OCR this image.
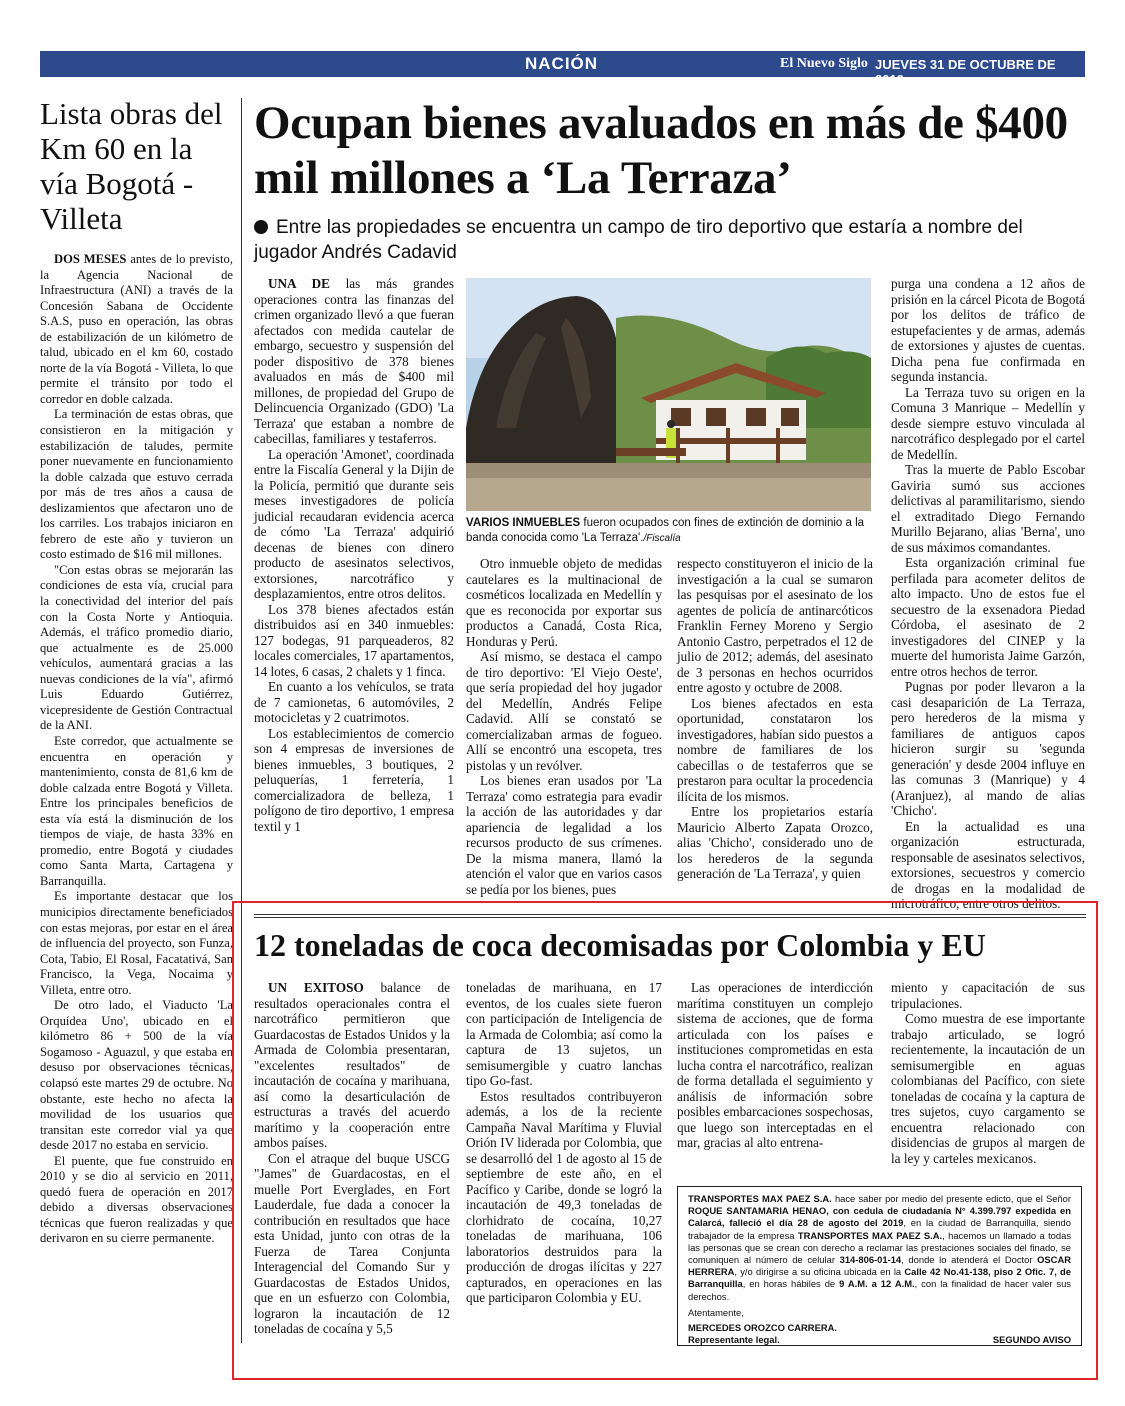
NACIÓN	El Nuevo Siglo JUEVES 31 DE OCTUBRE DE 2019
9B
Lista obras del Km 60 en la vía Bogotá - Villeta

DOS MESES antes de lo previsto, la Agencia Nacional de Infraestructura (ANI) a través de la Concesión Sabana de Occidente S.A.S, puso en operación, las obras de estabilización de un kilómetro de talud, ubicado en el km 60, costado norte de la vía Bogotá - Villeta, lo que permite el tránsito por todo el corredor en doble calzada.

La terminación de estas obras, que consistieron en la mitigación y estabilización de taludes, permite poner nuevamente en funcionamiento la doble calzada que estuvo cerrada por más de tres años a causa de deslizamientos que afectaron uno de los carriles. Los trabajos iniciaron en febrero de este año y tuvieron un costo estimado de $16 mil millones.

"Con estas obras se mejorarán las condiciones de esta vía, crucial para la conectividad del interior del país con la Costa Norte y Antioquia. Además, el tráfico promedio diario, que actualmente es de 25.000 vehículos, aumentará gracias a las nuevas condiciones de la vía", afirmó Luis Eduardo Gutiérrez, vicepresidente de Gestión Contractual de la ANI.

Este corredor, que actualmente se encuentra en operación y mantenimiento, consta de 81,6 km de doble calzada entre Bogotá y Villeta. Entre los principales beneficios de esta vía está la disminución de los tiempos de viaje, de hasta 33% en promedio, entre Bogotá y ciudades como Santa Marta, Cartagena y Barranquilla.

Es importante destacar que los municipios directamente beneficiados con estas mejoras, por estar en el área de influencia del proyecto, son Funza, Cota, Tabio, El Rosal, Facatativá, San Francisco, la Vega, Nocaima y Villeta, entre otro.

De otro lado, el Viaducto 'La Orquídea Uno', ubicado en el kilómetro 86 + 500 de la vía Sogamoso - Aguazul, y que estaba en desuso por observaciones técnicas, colapsó este martes 29 de octubre. No obstante, este hecho no afecta la movilidad de los usuarios que transitan este corredor vial ya que desde 2017 no estaba en servicio.

El puente, que fue construido en 2010 y se dio al servicio en 2011, quedó fuera de operación en 2017 debido a diversas observaciones técnicas que fueron realizadas y que derivaron en su cierre permanente.

Ocupan bienes avaluados en más de $400 mil millones a ‘La Terraza’
Entre las propiedades se encuentra un campo de tiro deportivo que estaría a nombre del jugador Andrés Cadavid

UNA DE las más grandes operaciones contra las finanzas del crimen organizado llevó a que fueran afectados con medida cautelar de embargo, secuestro y suspensión del poder dispositivo de 378 bienes avaluados en más de $400 mil millones, de propiedad del Grupo de Delincuencia Organizado (GDO) 'La Terraza' que estaban a nombre de cabecillas, familiares y testaferros.

La operación 'Amonet', coordinada entre la Fiscalía General y la Dijin de la Policía, permitió que durante seis meses investigadores de policía judicial recaudaran evidencia acerca de cómo 'La Terraza' adquirió decenas de bienes con dinero producto de asesinatos selectivos, extorsiones, narcotráfico y desplazamientos, entre otros delitos.

Los 378 bienes afectados están distribuidos así en 340 inmuebles: 127 bodegas, 91 parqueaderos, 82 locales comerciales, 17 apartamentos, 14 lotes, 6 casas, 2 chalets y 1 finca.

En cuanto a los vehículos, se trata de 7 camionetas, 6 automóviles, 2 motocicletas y 2 cuatrimotos.

Los establecimientos de comercio son 4 empresas de inversiones de bienes inmuebles, 3 boutiques, 2 peluquerías, 1 ferretería, 1 comercializadora de belleza, 1 polígono de tiro deportivo, 1 empresa textil y 1

VARIOS INMUEBLES fueron ocupados con fines de extinción de dominio a la banda conocida como 'La Terraza'./Fiscalía

Otro inmueble objeto de medidas cautelares es la multinacional de cosméticos localizada en Medellín y que es reconocida por exportar sus productos a Canadá, Costa Rica, Honduras y Perú.

Así mismo, se destaca el campo de tiro deportivo: 'El Viejo Oeste', que sería propiedad del hoy jugador del Medellín, Andrés Felipe Cadavid. Allí se constató se comercializaban armas de fogueo. Allí se encontró una escopeta, tres pistolas y un revólver.

Los bienes eran usados por 'La Terraza' como estrategia para evadir la acción de las autoridades y dar apariencia de legalidad a los recursos producto de sus crímenes. De la misma manera, llamó la atención el valor que en varios casos se pedía por los bienes, pues

respecto constituyeron el inicio de la investigación a la cual se sumaron las pesquisas por el asesinato de los agentes de policía de antinarcóticos Franklin Ferney Moreno y Sergio Antonio Castro, perpetrados el 12 de julio de 2012; además, del asesinato de 3 personas en hechos ocurridos entre agosto y octubre de 2008.

Los bienes afectados en esta oportunidad, constataron los investigadores, habían sido puestos a nombre de familiares de los cabecillas o de testaferros que se prestaron para ocultar la procedencia ilícita de los mismos.

Entre los propietarios estaría Mauricio Alberto Zapata Orozco, alias 'Chicho', considerado uno de los herederos de la segunda generación de 'La Terraza', y quien

purga una condena a 12 años de prisión en la cárcel Picota de Bogotá por los delitos de tráfico de estupefacientes y de armas, además de extorsiones y ajustes de cuentas. Dicha pena fue confirmada en segunda instancia.

La Terraza tuvo su origen en la Comuna 3 Manrique – Medellín y desde siempre estuvo vinculada al narcotráfico desplegado por el cartel de Medellín.

Tras la muerte de Pablo Escobar Gaviria sumó sus acciones delictivas al paramilitarismo, siendo el extraditado Diego Fernando Murillo Bejarano, alias 'Berna', uno de sus máximos comandantes.

Esta organización criminal fue perfilada para acometer delitos de alto impacto. Uno de estos fue el secuestro de la exsenadora Piedad Córdoba, el asesinato de 2 investigadores del CINEP y la muerte del humorista Jaime Garzón, entre otros hechos de terror.

Pugnas por poder llevaron a la casi desaparición de La Terraza, pero herederos de la misma y familiares de antiguos capos hicieron surgir su 'segunda generación' y desde 2004 influye en las comunas 3 (Manrique) y 4 (Aranjuez), al mando de alias 'Chicho'.

En la actualidad es una organización estructurada, responsable de asesinatos selectivos, extorsiones, secuestros y comercio de drogas en la modalidad de microtráfico, entre otros delitos.

12 toneladas de coca decomisadas por Colombia y EU

UN EXITOSO balance de resultados operacionales contra el narcotráfico permitieron que Guardacostas de Estados Unidos y la Armada de Colombia presentaran, "excelentes resultados" de incautación de cocaína y marihuana, así como la desarticulación de estructuras a través del acuerdo marítimo y la cooperación entre ambos países.

Con el atraque del buque USCG "James" de Guardacostas, en el muelle Port Everglades, en Fort Lauderdale, fue dada a conocer la contribución en resultados que hace esta Unidad, junto con otras de la Fuerza de Tarea Conjunta Interagencial del Comando Sur y Guardacostas de Estados Unidos, que en un esfuerzo con Colombia, lograron la incautación de 12 toneladas de cocaína y 5,5

toneladas de marihuana, en 17 eventos, de los cuales siete fueron con participación de Inteligencia de la Armada de Colombia; así como la captura de 13 sujetos, un semisumergible y cuatro lanchas tipo Go-fast.

Estos resultados contribuyeron además, a los de la reciente Campaña Naval Marítima y Fluvial Orión IV liderada por Colombia, que se desarrolló del 1 de agosto al 15 de septiembre de este año, en el Pacífico y Caribe, donde se logró la incautación de 49,3 toneladas de clorhidrato de cocaína, 10,27 toneladas de marihuana, 106 laboratorios destruidos para la producción de drogas ilícitas y 227 capturados, en operaciones en las que participaron Colombia y EU.

Las operaciones de interdicción marítima constituyen un complejo sistema de acciones, que de forma articulada con los países e instituciones comprometidas en esta lucha contra el narcotráfico, realizan de forma detallada el seguimiento y análisis de información sobre posibles embarcaciones sospechosas, que luego son interceptadas en el mar, gracias al alto entrena-

miento y capacitación de sus tripulaciones.

Como muestra de ese importante trabajo articulado, se logró recientemente, la incautación de un semisumergible en aguas colombianas del Pacífico, con siete toneladas de cocaína y la captura de tres sujetos, cuyo cargamento se encuentra relacionado con disidencias de grupos al margen de la ley y carteles mexicanos.

TRANSPORTES MAX PAEZ S.A. hace saber por medio del presente edicto, que el Señor ROQUE SANTAMARIA HENAO, con cedula de ciudadanía N° 4.399.797 expedida en Calarcá, falleció el día 28 de agosto del 2019, en la ciudad de Barranquilla, siendo trabajador de la empresa TRANSPORTES MAX PAEZ S.A., hacemos un llamado a todas las personas que se crean con derecho a reclamar las prestaciones sociales del finado, se comuniquen al número de celular 314-806-01-14, donde lo atenderá el Doctor OSCAR HERRERA, y/o dirigirse a su oficina ubicada en la Calle 42 No.41-138, piso 2 Ofic. 7, de Barranquilla, en horas hábiles de 9 A.M. a 12 A.M., con la finalidad de hacer valer sus derechos.
Atentamente,
MERCEDES OROZCO CARRERA.
Representante legal.	SEGUNDO AVISO
